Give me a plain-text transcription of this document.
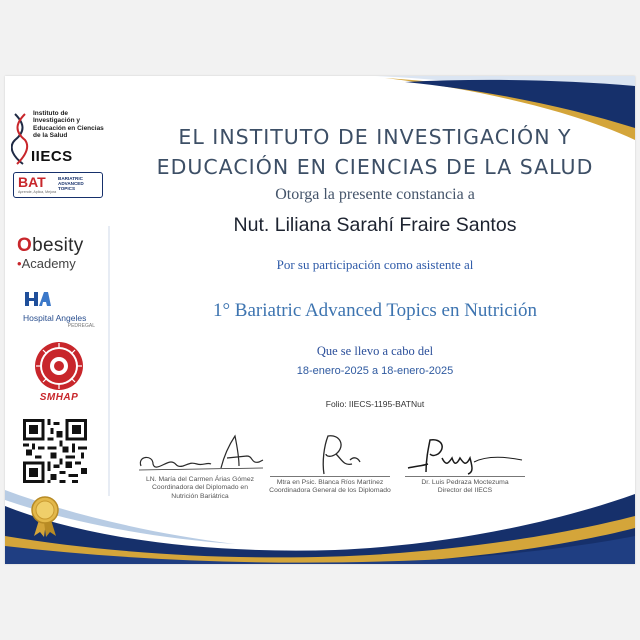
Instituto de Investigación y Educación en Ciencias de la Salud
IIECS
BAT	BARIATRIC ADVANCED TOPICS
Aprende, Aplica, Mejora
Obesity
•Academy
Hospital Angeles
PEDREGAL
SMHAP
EL INSTITUTO DE INVESTIGACIÓN Y
EDUCACIÓN EN CIENCIAS DE LA SALUD
Otorga la presente constancia a
Nut. Liliana Sarahí Fraire Santos
Por su participación como asistente al
1° Bariatric Advanced Topics en Nutrición
Que se llevo a cabo del
18-enero-2025 a 18-enero-2025
Folio: IIECS-1195-BATNut
LN. María del Carmen Árias Gómez
Coordinadora del Diplomado en
Nutrición Bariátrica
Mtra en Psic. Blanca Ríos Martínez
Coordinadora General de los Diplomado
Dr. Luis Pedraza Moctezuma
Director del IIECS
